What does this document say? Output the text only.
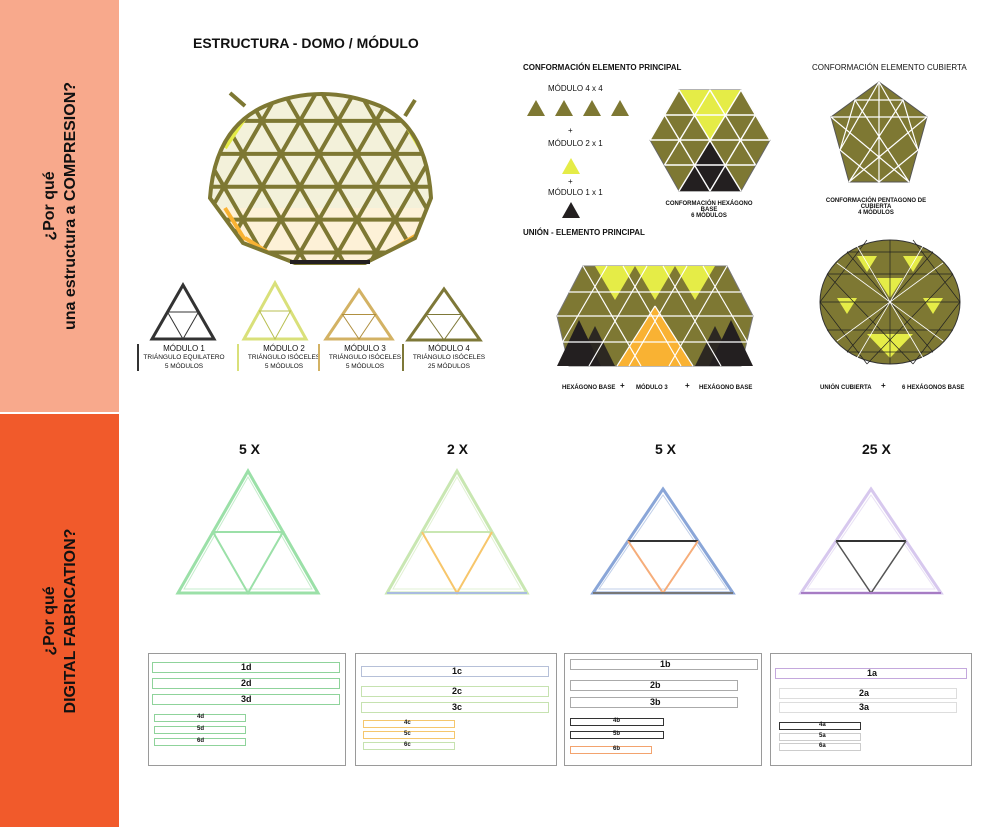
¿Por qué una estructura a COMPRESION?
¿Por qué DIGITAL FABRICATION?
ESTRUCTURA - DOMO / MÓDULO
MÓDULO 1
TRIÁNGULO EQUILATERO
5 MÓDULOS
MÓDULO 2
TRIÁNGULO ISÓCELES
5 MÓDULOS
MÓDULO 3
TRIÁNGULO ISÓCELES
5 MÓDULOS
MÓDULO 4
TRIÁNGULO ISÓCELES
25 MÓDULOS
CONFORMACIÓN ELEMENTO PRINCIPAL
MÓDULO 4 x 4
+
MÓDULO 2 x 1
+
MÓDULO 1 x 1
CONFORMACIÓN HEXÁGONO BASE
6 MÓDULOS
CONFORMACIÓN ELEMENTO CUBIERTA
CONFORMACIÓN PENTAGONO DE CUBIERTA
4 MÓDULOS
UNIÓN - ELEMENTO PRINCIPAL
HEXÁGONO BASE + MÓDULO 3 + HEXÁGONO BASE	UNIÓN CUBIERTA +	6 HEXÁGONOS BASE
5 X	2 X	5 X	25 X
1d
2d
3d
4d
5d
6d
1c
2c
3c
4c
5c
6c
1b
2b
3b
4b
5b
6b
1a
2a
3a
4a
5a
6a
